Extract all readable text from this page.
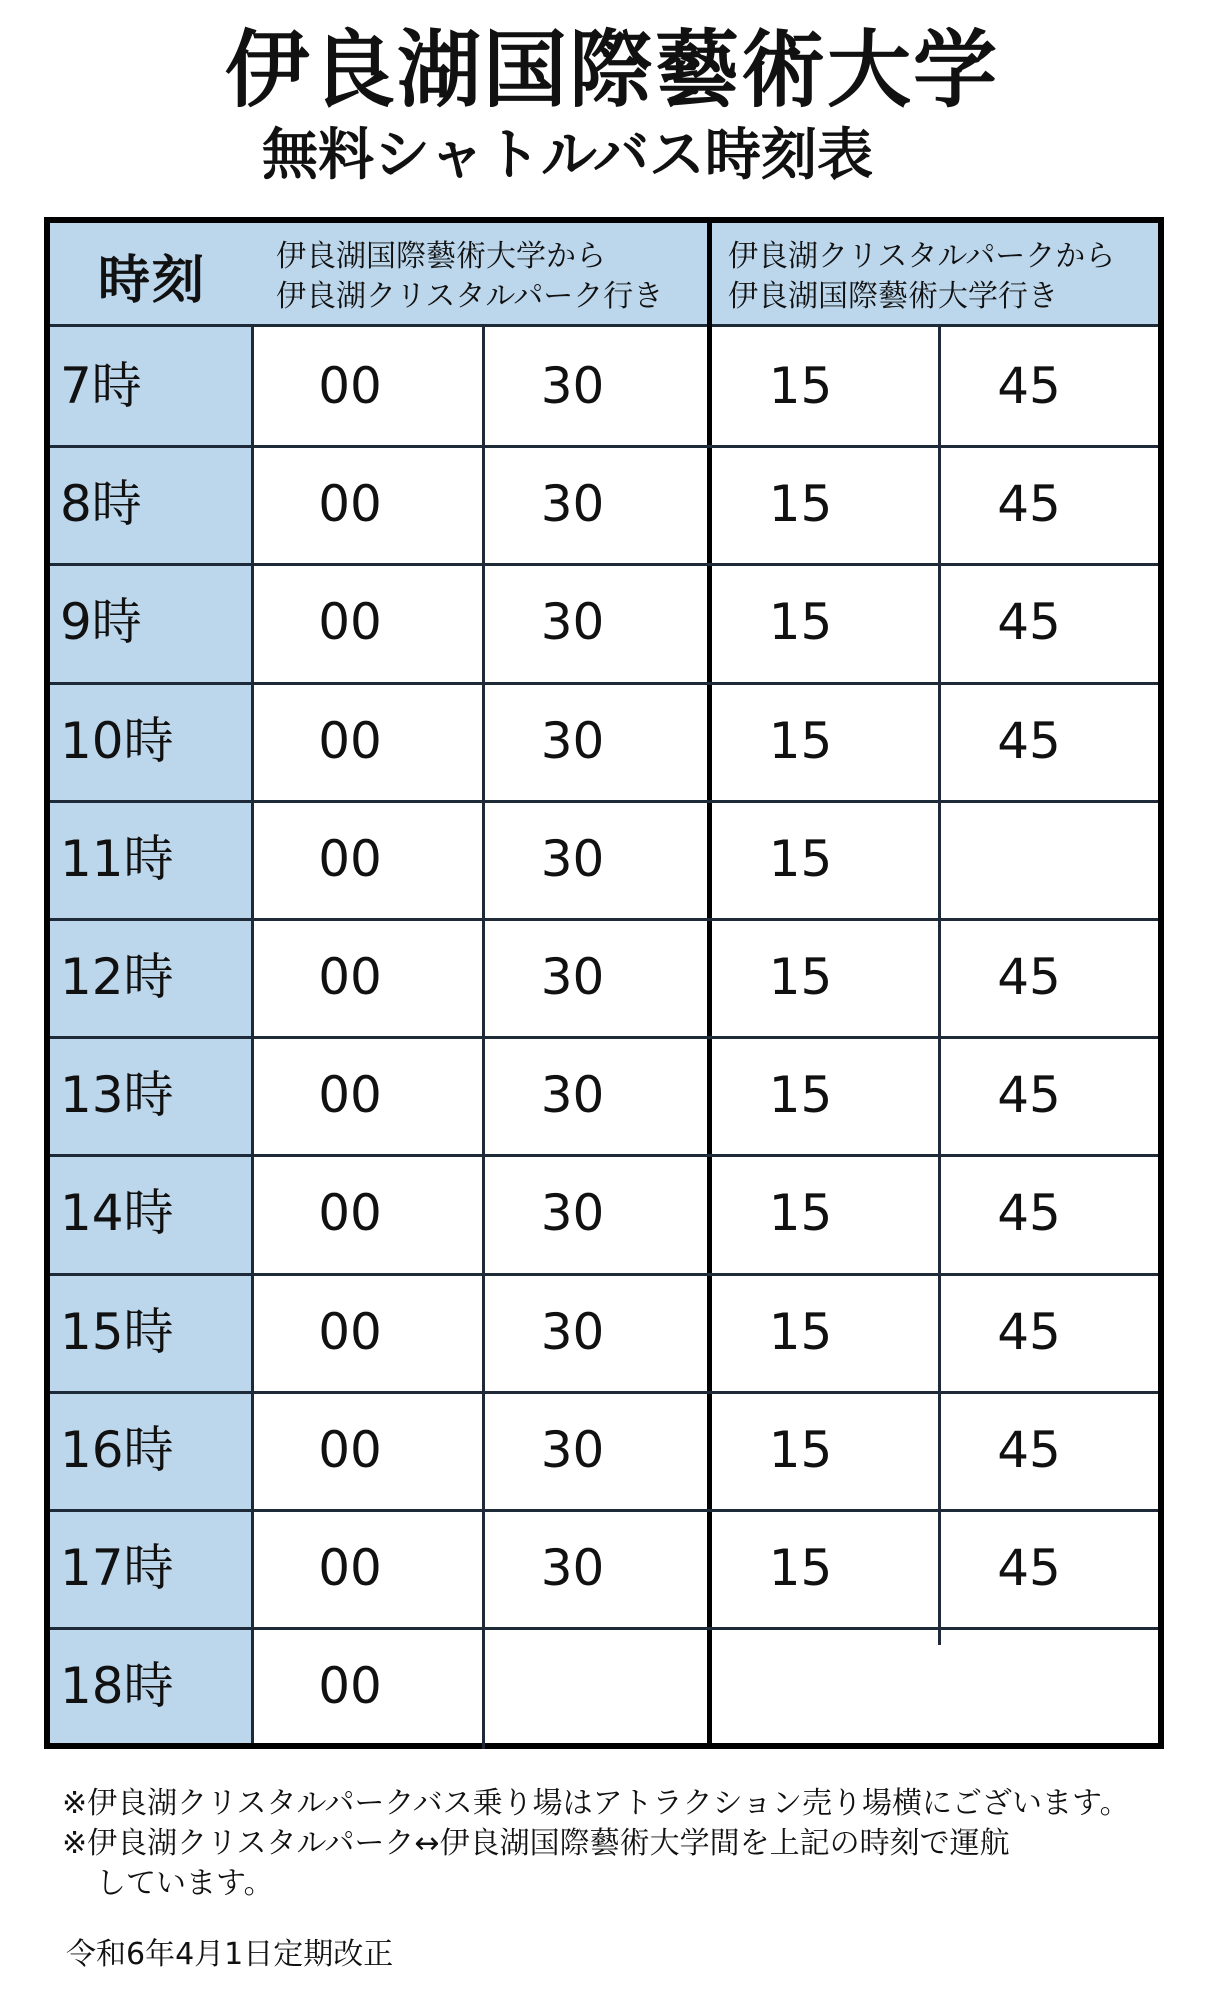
伊良湖国際藝術大学
無料シャトルバス時刻表
時刻	伊良湖国際藝術大学から
伊良湖クリスタルパーク行き
伊良湖クリスタルパークから
伊良湖国際藝術大学行き
7時	00	30	15	45
8時	00	30	15	45
9時	00	30	15	45
10時	00	30	15	45
11時	00	30	15
12時	00	30	15	45
13時	00	30	15	45
14時	00	30	15	45
15時	00	30	15	45
16時	00	30	15	45
17時	00	30	15	45
18時	00
※伊良湖クリスタルパークバス乗り場はアトラクション売り場横にございます。
※伊良湖クリスタルパーク↔伊良湖国際藝術大学間を上記の時刻で運航
しています。
令和6年4月1日定期改正
